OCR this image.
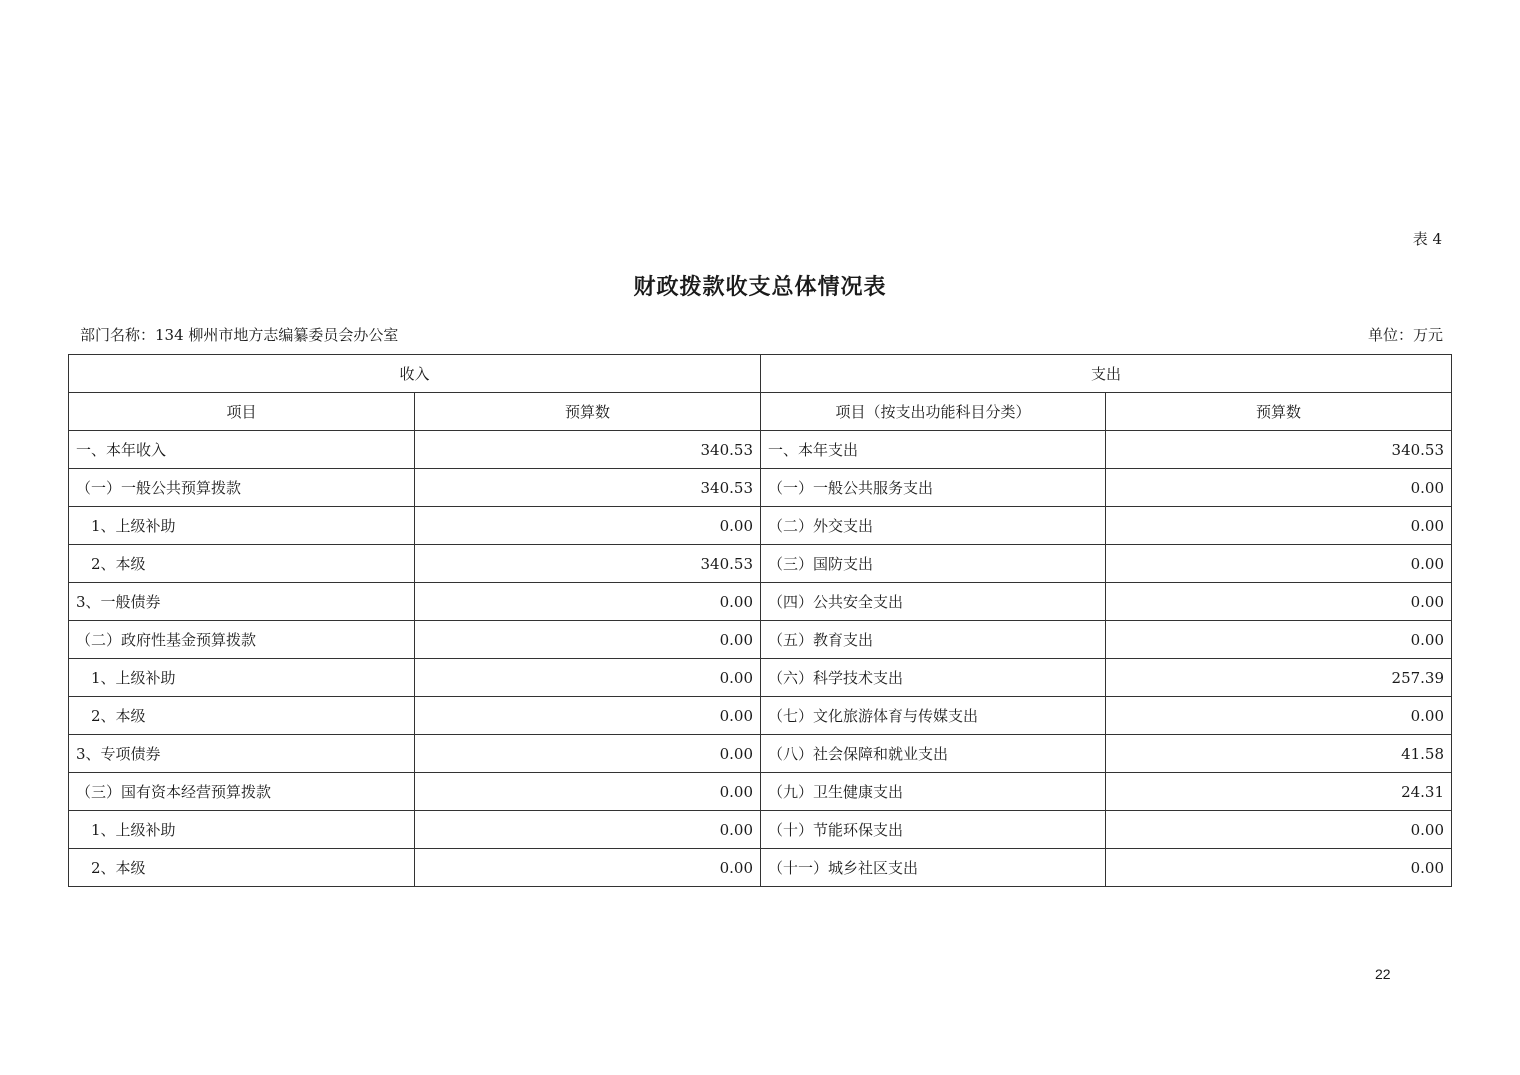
表 4
财政拨款收支总体情况表
部门名称：134 柳州市地方志编纂委员会办公室	单位：万元
收入		支出	
项目	预算数	项目（按支出功能科目分类）	预算数
一、本年收入	340.53	一、本年支出	340.53
（一）一般公共预算拨款	340.53	（一）一般公共服务支出	0.00
　1、上级补助	0.00	（二）外交支出	0.00
　2、本级	340.53	（三）国防支出	0.00
3、一般债券	0.00	（四）公共安全支出	0.00
（二）政府性基金预算拨款	0.00	（五）教育支出	0.00
　1、上级补助	0.00	（六）科学技术支出	257.39
　2、本级	0.00	（七）文化旅游体育与传媒支出	0.00
3、专项债券	0.00	（八）社会保障和就业支出	41.58
（三）国有资本经营预算拨款	0.00	（九）卫生健康支出	24.31
　1、上级补助	0.00	（十）节能环保支出	0.00
　2、本级	0.00	（十一）城乡社区支出	0.00
22
